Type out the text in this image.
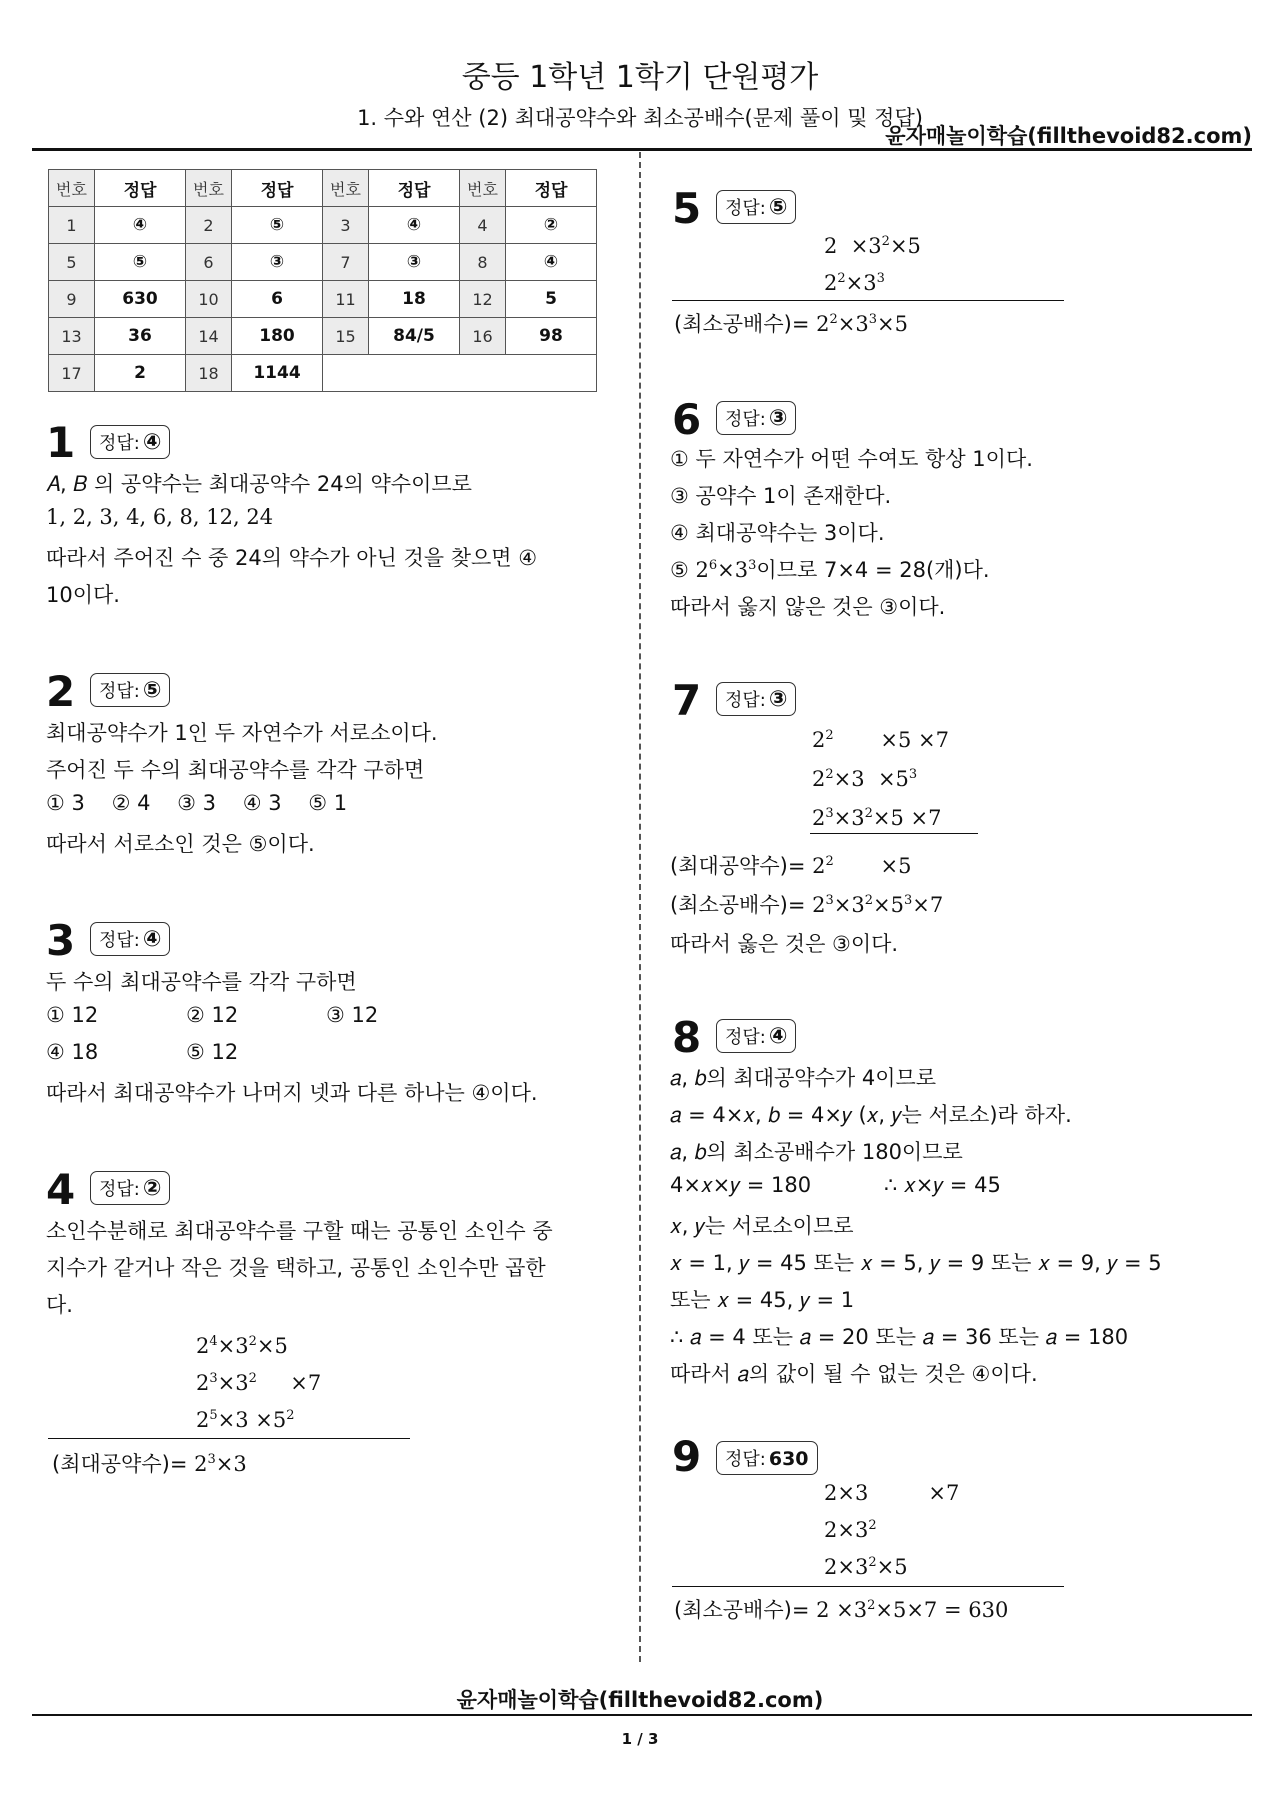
중등 1학년 1학기 단원평가
1. 수와 연산 (2) 최대공약수와 최소공배수(문제 풀이 및 정답)
윤자매놀이학습(fillthevoid82.com)
번호	정답	번호	정답	번호	정답	번호	정답
1	④	2	⑤	3	④	4	②
5	⑤	6	③	7	③	8	④
9	630	10	6	11	18	12	5
13	36	14	180	15	84/5	16	98
17	2	18	1144				
1	정답: ④
𝐴, 𝐵 의 공약수는 최대공약수 24의 약수이므로
1, 2, 3, 4, 6, 8, 12, 24
따라서 주어진 수 중 24의 약수가 아닌 것을 찾으면 ④
10이다.
2	정답: ⑤
최대공약수가 1인 두 자연수가 서로소이다.
주어진 두 수의 최대공약수를 각각 구하면
① 3    ② 4    ③ 3    ④ 3    ⑤ 1
따라서 서로소인 것은 ⑤이다.
3	정답: ④
두 수의 최대공약수를 각각 구하면
① 12	② 12	③ 12
④ 18	⑤ 12
따라서 최대공약수가 나머지 넷과 다른 하나는 ④이다.
4	정답: ②
소인수분해로 최대공약수를 구할 때는 공통인 소인수 중
지수가 같거나 작은 것을 택하고, 공통인 소인수만 곱한
다.
$2^4\times 3^2\times 5$
$2^3\times 3^2$     ×7
$2^5\times 3 \times 5^2$
(최대공약수)= $2^3\times 3$
5	정답: ⑤
$2 \times 3^2\times 5$
$2^2\times 3^3$
(최소공배수)= $2^2\times 3^3\times 5$
6	정답: ③
① 두 자연수가 어떤 수여도 항상 1이다.
③ 공약수 1이 존재한다.
④ 최대공약수는 3이다.
⑤ $2^6\times 3^3$이므로 7×4 = 28(개)다.
따라서 옳지 않은 것은 ③이다.
7	정답: ③
$2^2$       ×5 ×7
$2^2\times 3 \times 5^3$
$2^3\times 3^2\times 5 \times 7$
(최대공약수)= $2^2$       ×5
(최소공배수)= $2^3\times 3^2\times 5^3\times 7$
따라서 옳은 것은 ③이다.
8	정답: ④
𝑎, 𝑏의 최대공약수가 4이므로
𝑎 = 4×𝑥, 𝑏 = 4×𝑦 (𝑥, 𝑦는 서로소)라 하자.
𝑎, 𝑏의 최소공배수가 180이므로
4×𝑥×𝑦 = 180	∴ 𝑥×𝑦 = 45
𝑥, 𝑦는 서로소이므로
𝑥 = 1, 𝑦 = 45 또는 𝑥 = 5, 𝑦 = 9 또는 𝑥 = 9, 𝑦 = 5
또는 𝑥 = 45, 𝑦 = 1
∴ 𝑎 = 4 또는 𝑎 = 20 또는 𝑎 = 36 또는 𝑎 = 180
따라서 𝑎의 값이 될 수 없는 것은 ④이다.
9	정답: 630
2×3         ×7
$2\times 3^2$
$2\times 3^2\times 5$
(최소공배수)= $2 \times 3^2\times 5\times 7 = 630$
윤자매놀이학습(fillthevoid82.com)
1 / 3
